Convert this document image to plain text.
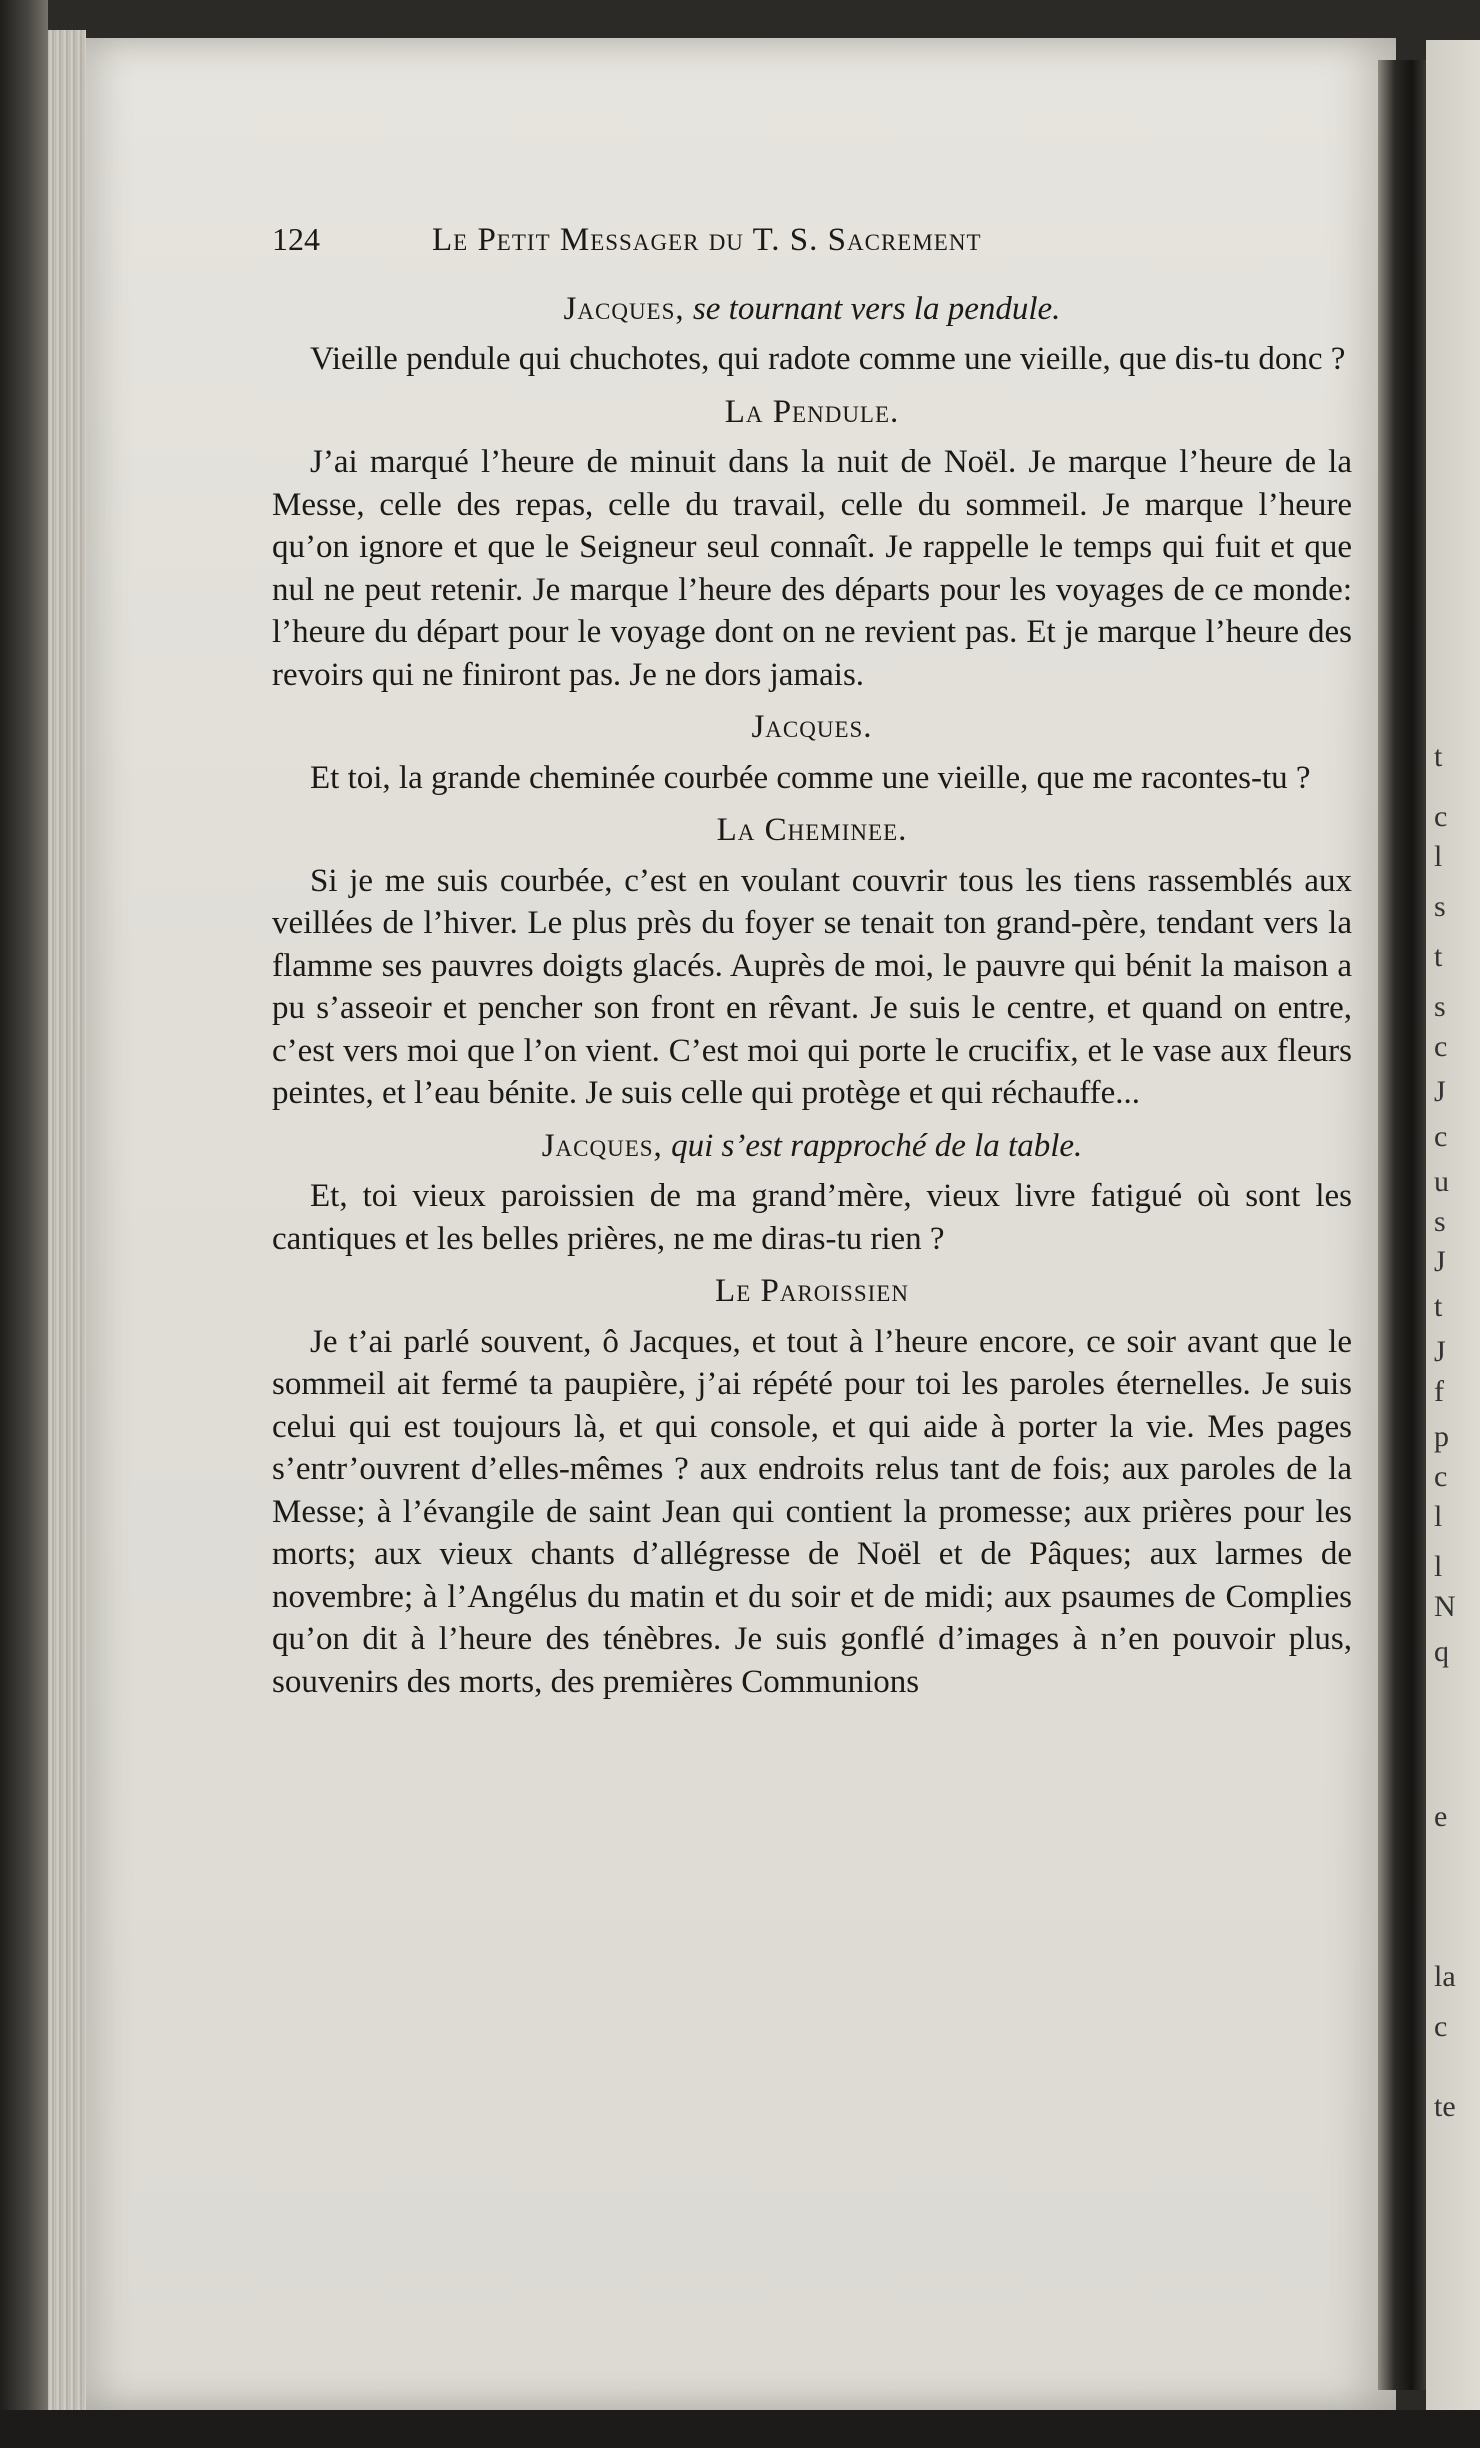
124	Le Petit Messager du T. S. Sacrement
Jacques, se tournant vers la pendule.

Vieille pendule qui chuchotes, qui radote comme une vieille, que dis-tu donc ?

La Pendule.

J’ai marqué l’heure de minuit dans la nuit de Noël. Je marque l’heure de la Messe, celle des repas, celle du travail, celle du sommeil. Je marque l’heure qu’on ignore et que le Seigneur seul connaît. Je rappelle le temps qui fuit et que nul ne peut retenir. Je marque l’heure des départs pour les voyages de ce monde: l’heure du départ pour le voyage dont on ne revient pas. Et je marque l’heure des revoirs qui ne finiront pas. Je ne dors jamais.

Jacques.

Et toi, la grande cheminée courbée comme une vieille, que me racontes-tu ?

La Cheminee.

Si je me suis courbée, c’est en voulant couvrir tous les tiens rassemblés aux veillées de l’hiver. Le plus près du foyer se tenait ton grand-père, tendant vers la flamme ses pauvres doigts glacés. Auprès de moi, le pauvre qui bénit la maison a pu s’asseoir et pencher son front en rêvant. Je suis le centre, et quand on entre, c’est vers moi que l’on vient. C’est moi qui porte le crucifix, et le vase aux fleurs peintes, et l’eau bénite. Je suis celle qui protège et qui réchauffe...

Jacques, qui s’est rapproché de la table.

Et, toi vieux paroissien de ma grand’mère, vieux livre fatigué où sont les cantiques et les belles prières, ne me diras-tu rien ?

Le Paroissien

Je t’ai parlé souvent, ô Jacques, et tout à l’heure encore, ce soir avant que le sommeil ait fermé ta paupière, j’ai répété pour toi les paroles éternelles. Je suis celui qui est toujours là, et qui console, et qui aide à porter la vie. Mes pages s’entr’ouvrent d’elles-mêmes ? aux endroits relus tant de fois; aux paroles de la Messe; à l’évangile de saint Jean qui contient la promesse; aux prières pour les morts; aux vieux chants d’allégresse de Noël et de Pâques; aux larmes de novembre; à l’Angélus du matin et du soir et de midi; aux psaumes de Complies qu’on dit à l’heure des ténèbres. Je suis gonflé d’images à n’en pouvoir plus, souvenirs des morts, des premières Communions

t
c
l
s
t
s
c
J
c
u
s
J
t
J
f
p
c
l
l
N
q
e
la
c
te
